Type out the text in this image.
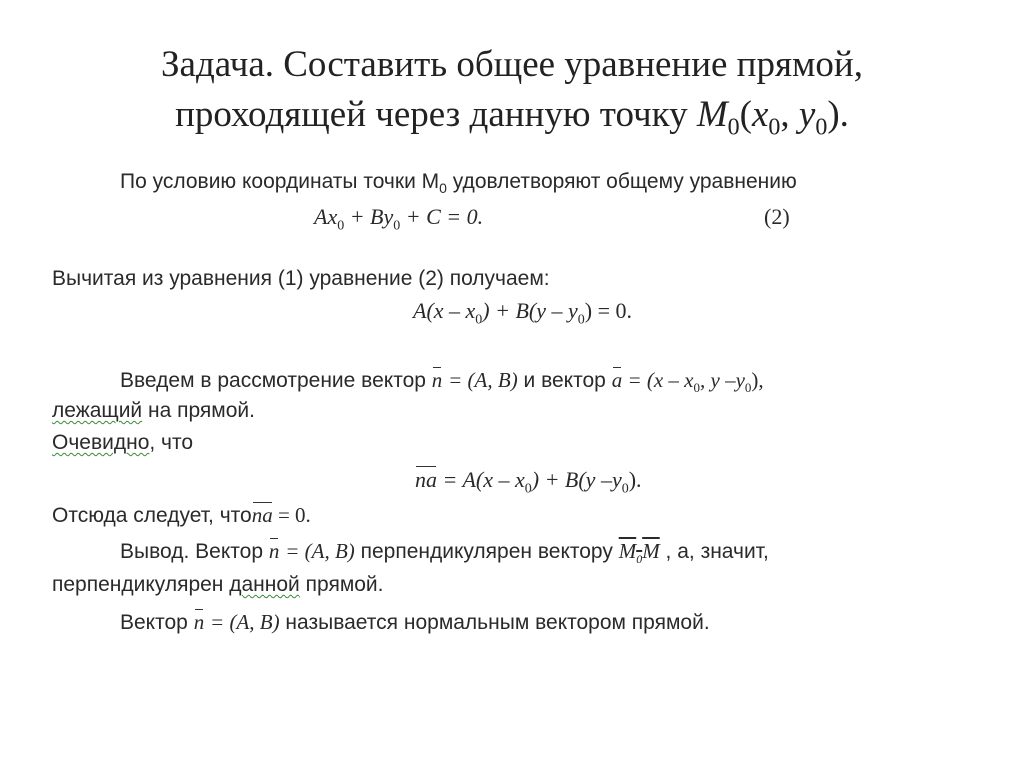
Задача. Составить общее уравнение прямой,
проходящей через данную точку $M_0(x_0$, $y_0$).
По условию координаты точки $M_0$ удовлетворяют общему уравнению
$Ax_0 + By_0 + C = 0$.	(2)
Вычитая из уравнения (1) уравнение (2) получаем:
$A(x - x_0) + B(y - y_0) = 0$.
Введем в рассмотрение вектор n = (A, B) и вектор $a = (x - x_0$, y $-y_0$),
лежащий на прямой.
Очевидно, что
na = $A(x - x_0) + B(y$ $-y_0$).
Отсюда следует, чтоna = 0.
Вывод. Вектор n = (A, B) перпендикулярен вектору $M_0M$ , а, значит,
перпендикулярен данной прямой.
Вектор n = (A, B) называется нормальным вектором прямой.
